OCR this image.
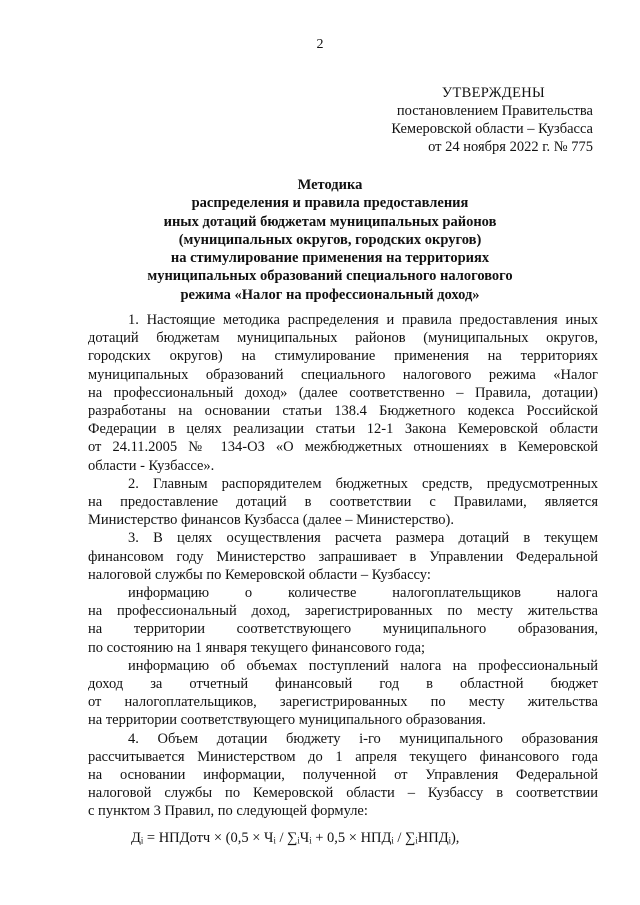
2
УТВЕРЖДЕНЫ
постановлением Правительства
Кемеровской области – Кузбасса
от 24 ноября 2022 г. № 775
Методика
распределения и правила предоставления
иных дотаций бюджетам муниципальных районов
(муниципальных округов, городских округов)
на стимулирование применения на территориях
муниципальных образований специального налогового
режима «Налог на профессиональный доход»
1. Настоящие методика распределения и правила предоставления иных
дотаций бюджетам муниципальных районов (муниципальных округов,
городских округов) на стимулирование применения на территориях
муниципальных образований специального налогового режима «Налог
на профессиональный доход» (далее соответственно – Правила, дотации)
разработаны на основании статьи 138.4 Бюджетного кодекса Российской
Федерации в целях реализации статьи 12-1 Закона Кемеровской области
от 24.11.2005 № 134-ОЗ «О межбюджетных отношениях в Кемеровской
области - Кузбассе».
2. Главным распорядителем бюджетных средств, предусмотренных
на предоставление дотаций в соответствии с Правилами, является
Министерство финансов Кузбасса (далее – Министерство).
3. В целях осуществления расчета размера дотаций в текущем
финансовом году Министерство запрашивает в Управлении Федеральной
налоговой службы по Кемеровской области – Кузбассу:
информацию о количестве налогоплательщиков налога
на профессиональный доход, зарегистрированных по месту жительства
на территории соответствующего муниципального образования,
по состоянию на 1 января текущего финансового года;
информацию об объемах поступлений налога на профессиональный
доход за отчетный финансовый год в областной бюджет
от налогоплательщиков, зарегистрированных по месту жительства
на территории соответствующего муниципального образования.
4. Объем дотации бюджету i-го муниципального образования
рассчитывается Министерством до 1 апреля текущего финансового года
на основании информации, полученной от Управления Федеральной
налоговой службы по Кемеровской области – Кузбассу в соответствии
с пунктом 3 Правил, по следующей формуле:
Дᵢ = НПДотч × (0,5 × Чᵢ / ∑ᵢЧᵢ + 0,5 × НПДᵢ / ∑ᵢНПДᵢ),
